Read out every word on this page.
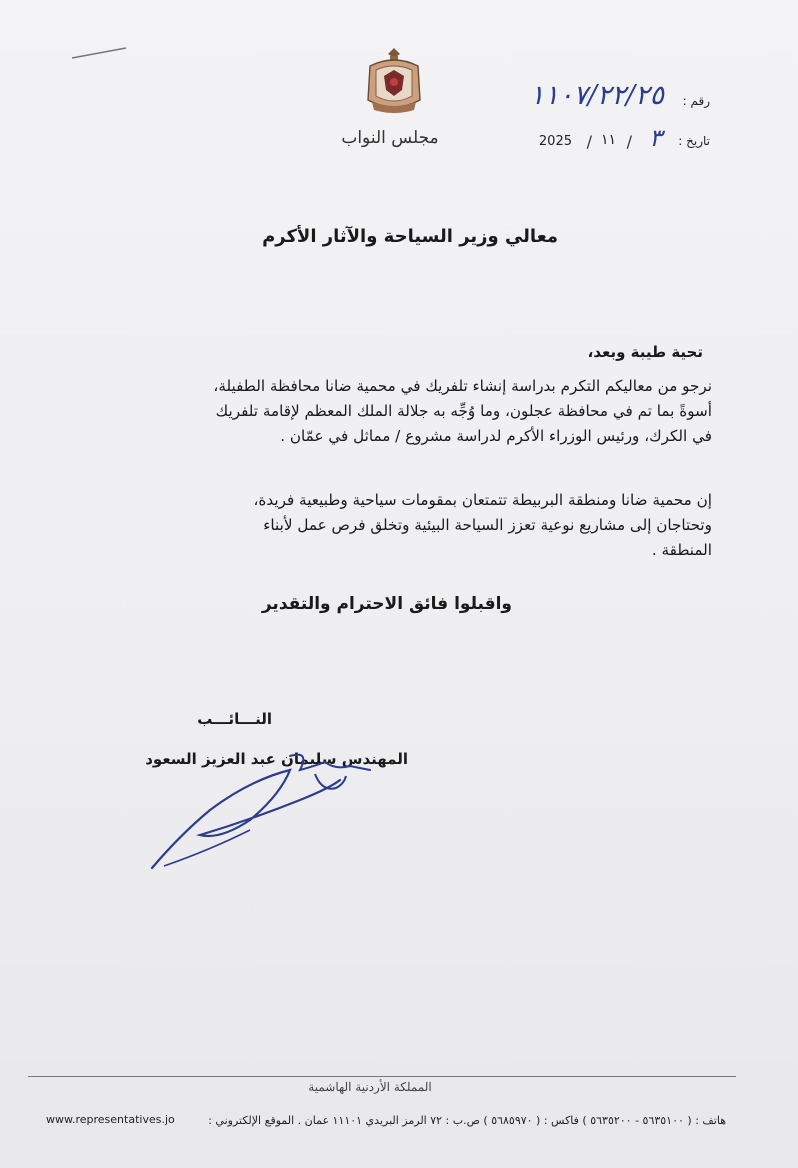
مجلس النواب
رقم :
١١٠٧/٢٢/٢٥
تاريخ :
٣
/
١١
/
2025
معالي وزير السياحة والآثار الأكرم
تحية طيبة وبعد،
نرجو من معاليكم التكرم بدراسة إنشاء تلفريك في محمية ضانا محافظة الطفيلة،
أسوةً بما تم في محافظة عجلون، وما وُجِّه به جلالة الملك المعظم لإقامة تلفريك
في الكرك، ورئيس الوزراء الأكرم لدراسة مشروع / مماثل في عمّان .
إن محمية ضانا ومنطقة البربيطة تتمتعان بمقومات سياحية وطبيعية فريدة،
وتحتاجان إلى مشاريع نوعية تعزز السياحة البيئية وتخلق فرص عمل لأبناء
المنطقة .
واقبلوا فائق الاحترام والتقدير
النـــائـــب
المهندس سليمان عبد العزيز السعود
المملكة الأردنية الهاشمية
هاتف : ( ٥٦٣٥١٠٠ - ٥٦٣٥٢٠٠ ) فاكس : ( ٥٦٨٥٩٧٠ ) ص.ب : ٧٢ الرمز البريدي ١١١٠١ عمان . الموقع الإلكتروني :
www.representatives.jo
